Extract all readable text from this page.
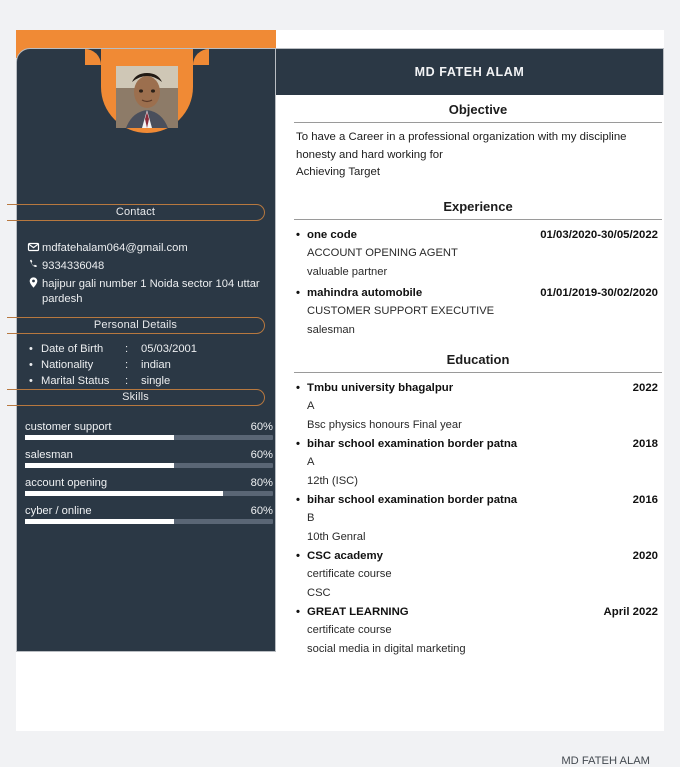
Contact
mdfatehalam064@gmail.com
9334336048
hajipur gali number 1 Noida sector 104 uttar pardesh
Personal Details
• Date of Birth	:	05/03/2001
• Nationality	:	indian
• Marital Status	:	single
Skills
customer support	60%
salesman	60%
account opening	80%
cyber / online	60%
MD FATEH ALAM
Objective
To have a Career in a professional organization with my discipline
honesty and hard working for
Achieving Target
Experience
• one code	01/03/2020-30/05/2022
ACCOUNT OPENING AGENT
valuable partner
• mahindra automobile	01/01/2019-30/02/2020
CUSTOMER SUPPORT EXECUTIVE
salesman
Education
• Tmbu university bhagalpur	2022
A
Bsc physics honours Final year
• bihar school examination border patna	2018
A
12th (ISC)
• bihar school examination border patna	2016
B
10th Genral
• CSC academy	2020
certificate course
CSC
• GREAT LEARNING	April 2022
certificate course
social media in digital marketing
MD FATEH ALAM
